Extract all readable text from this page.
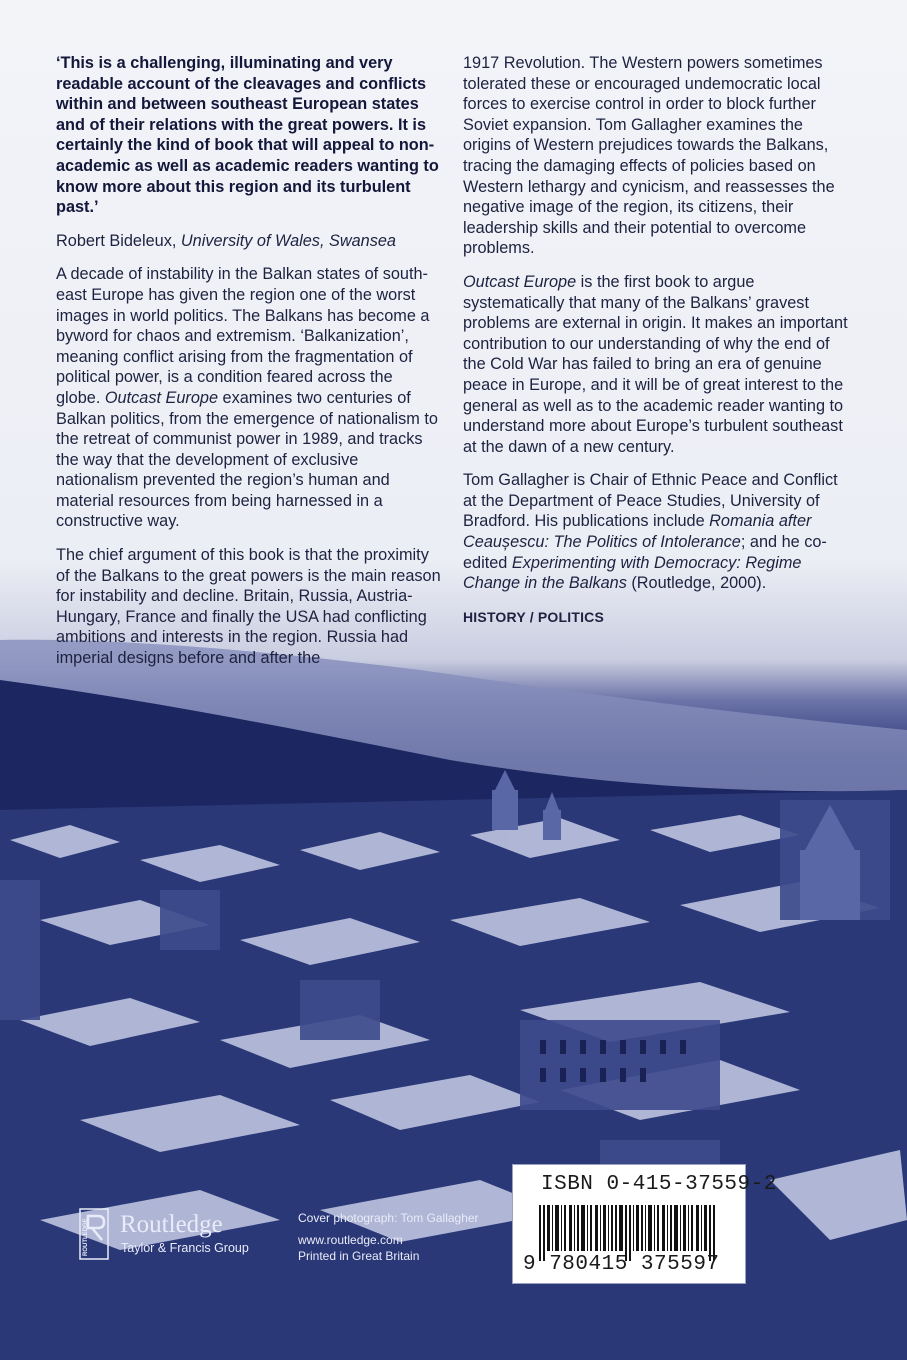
‘This is a challenging, illuminating and very readable account of the cleavages and conflicts within and between southeast European states and of their relations with the great powers. It is certainly the kind of book that will appeal to non-academic as well as academic readers wanting to know more about this region and its turbulent past.’

Robert Bideleux, University of Wales, Swansea

A decade of instability in the Balkan states of south-east Europe has given the region one of the worst images in world politics. The Balkans has become a byword for chaos and extremism. ‘Balkanization’, meaning conflict arising from the fragmentation of political power, is a condition feared across the globe. Outcast Europe examines two centuries of Balkan politics, from the emergence of nationalism to the retreat of communist power in 1989, and tracks the way that the development of exclusive nationalism prevented the region’s human and material resources from being harnessed in a constructive way.

The chief argument of this book is that the proximity of the Balkans to the great powers is the main reason for instability and decline. Britain, Russia, Austria-Hungary, France and finally the USA had conflicting ambitions and interests in the region. Russia had imperial designs before and after the

1917 Revolution. The Western powers sometimes tolerated these or encouraged undemocratic local forces to exercise control in order to block further Soviet expansion. Tom Gallagher examines the origins of Western prejudices towards the Balkans, tracing the damaging effects of policies based on Western lethargy and cynicism, and reassesses the negative image of the region, its citizens, their leadership skills and their potential to overcome problems.

Outcast Europe is the first book to argue systematically that many of the Balkans’ gravest problems are external in origin. It makes an important contribution to our understanding of why the end of the Cold War has failed to bring an era of genuine peace in Europe, and it will be of great interest to the general as well as to the academic reader wanting to understand more about Europe’s turbulent southeast at the dawn of a new century.

Tom Gallagher is Chair of Ethnic Peace and Conflict at the Department of Peace Studies, University of Bradford. His publications include Romania after Ceaușescu: The Politics of Intolerance; and he co-edited Experimenting with Democracy: Regime Change in the Balkans (Routledge, 2000).

HISTORY / POLITICS

ROUTLEDGE Routledge
Taylor & Francis Group
Cover photograph: Tom Gallagher
www.routledge.com
Printed in Great Britain
ISBN 0-415-37559-2
9 780415 375597
